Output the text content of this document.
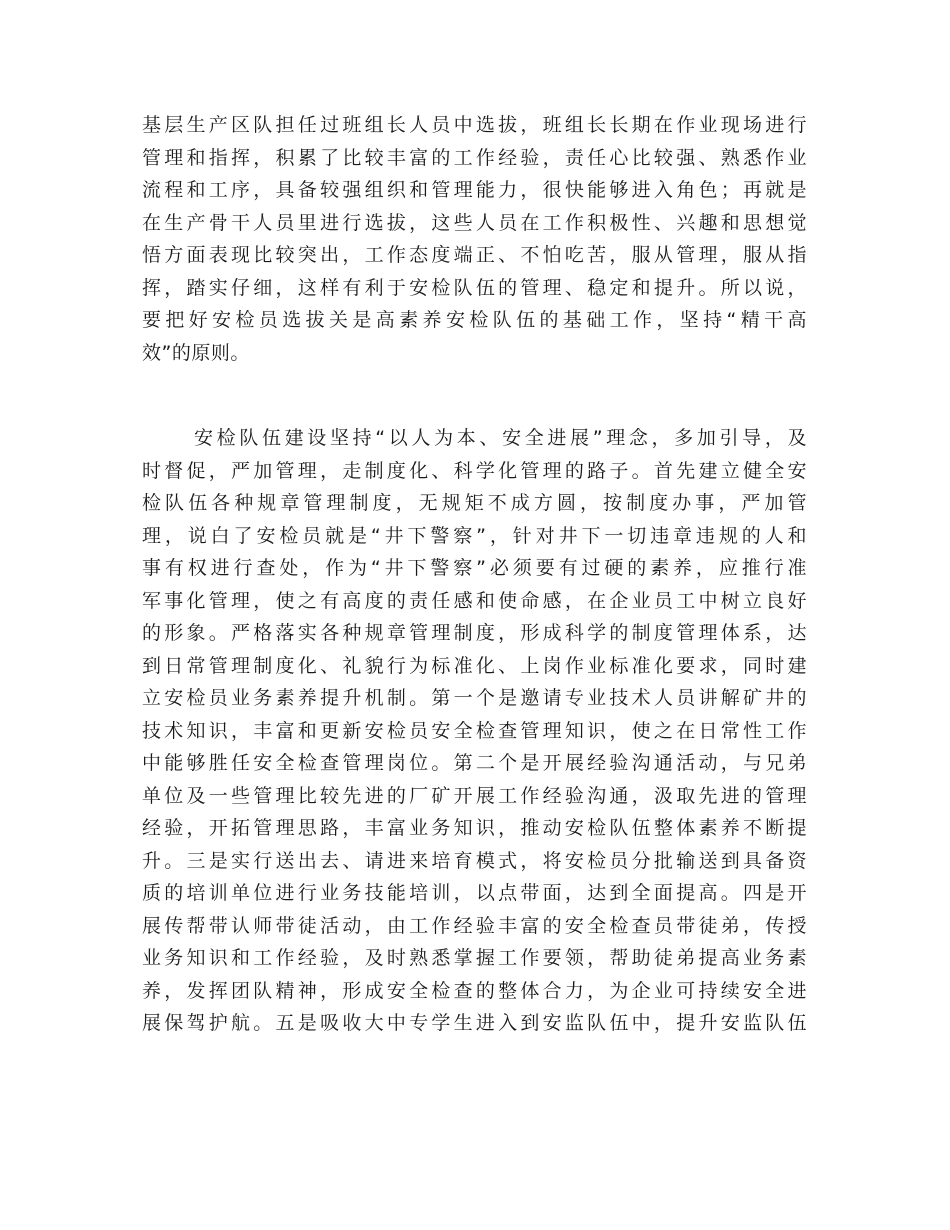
基层生产区队担任过班组长人员中选拔，班组长长期在作业现场进行
管理和指挥，积累了比较丰富的工作经验，责任心比较强、熟悉作业
流程和工序，具备较强组织和管理能力，很快能够进入角色；再就是
在生产骨干人员里进行选拔，这些人员在工作积极性、兴趣和思想觉
悟方面表现比较突出，工作态度端正、不怕吃苦，服从管理，服从指
挥，踏实仔细，这样有利于安检队伍的管理、稳定和提升。所以说，
要把好安检员选拔关是高素养安检队伍的基础工作，坚持“精干高
效”的原则。
安检队伍建设坚持“以人为本、安全进展”理念，多加引导，及
时督促，严加管理，走制度化、科学化管理的路子。首先建立健全安
检队伍各种规章管理制度，无规矩不成方圆，按制度办事，严加管
理，说白了安检员就是“井下警察”，针对井下一切违章违规的人和
事有权进行查处，作为“井下警察”必须要有过硬的素养，应推行准
军事化管理，使之有高度的责任感和使命感，在企业员工中树立良好
的形象。严格落实各种规章管理制度，形成科学的制度管理体系，达
到日常管理制度化、礼貌行为标准化、上岗作业标准化要求，同时建
立安检员业务素养提升机制。第一个是邀请专业技术人员讲解矿井的
技术知识，丰富和更新安检员安全检查管理知识，使之在日常性工作
中能够胜任安全检查管理岗位。第二个是开展经验沟通活动，与兄弟
单位及一些管理比较先进的厂矿开展工作经验沟通，汲取先进的管理
经验，开拓管理思路，丰富业务知识，推动安检队伍整体素养不断提
升。三是实行送出去、请进来培育模式，将安检员分批输送到具备资
质的培训单位进行业务技能培训，以点带面，达到全面提高。四是开
展传帮带认师带徒活动，由工作经验丰富的安全检查员带徒弟，传授
业务知识和工作经验，及时熟悉掌握工作要领，帮助徒弟提高业务素
养，发挥团队精神，形成安全检查的整体合力，为企业可持续安全进
展保驾护航。五是吸收大中专学生进入到安监队伍中，提升安监队伍
